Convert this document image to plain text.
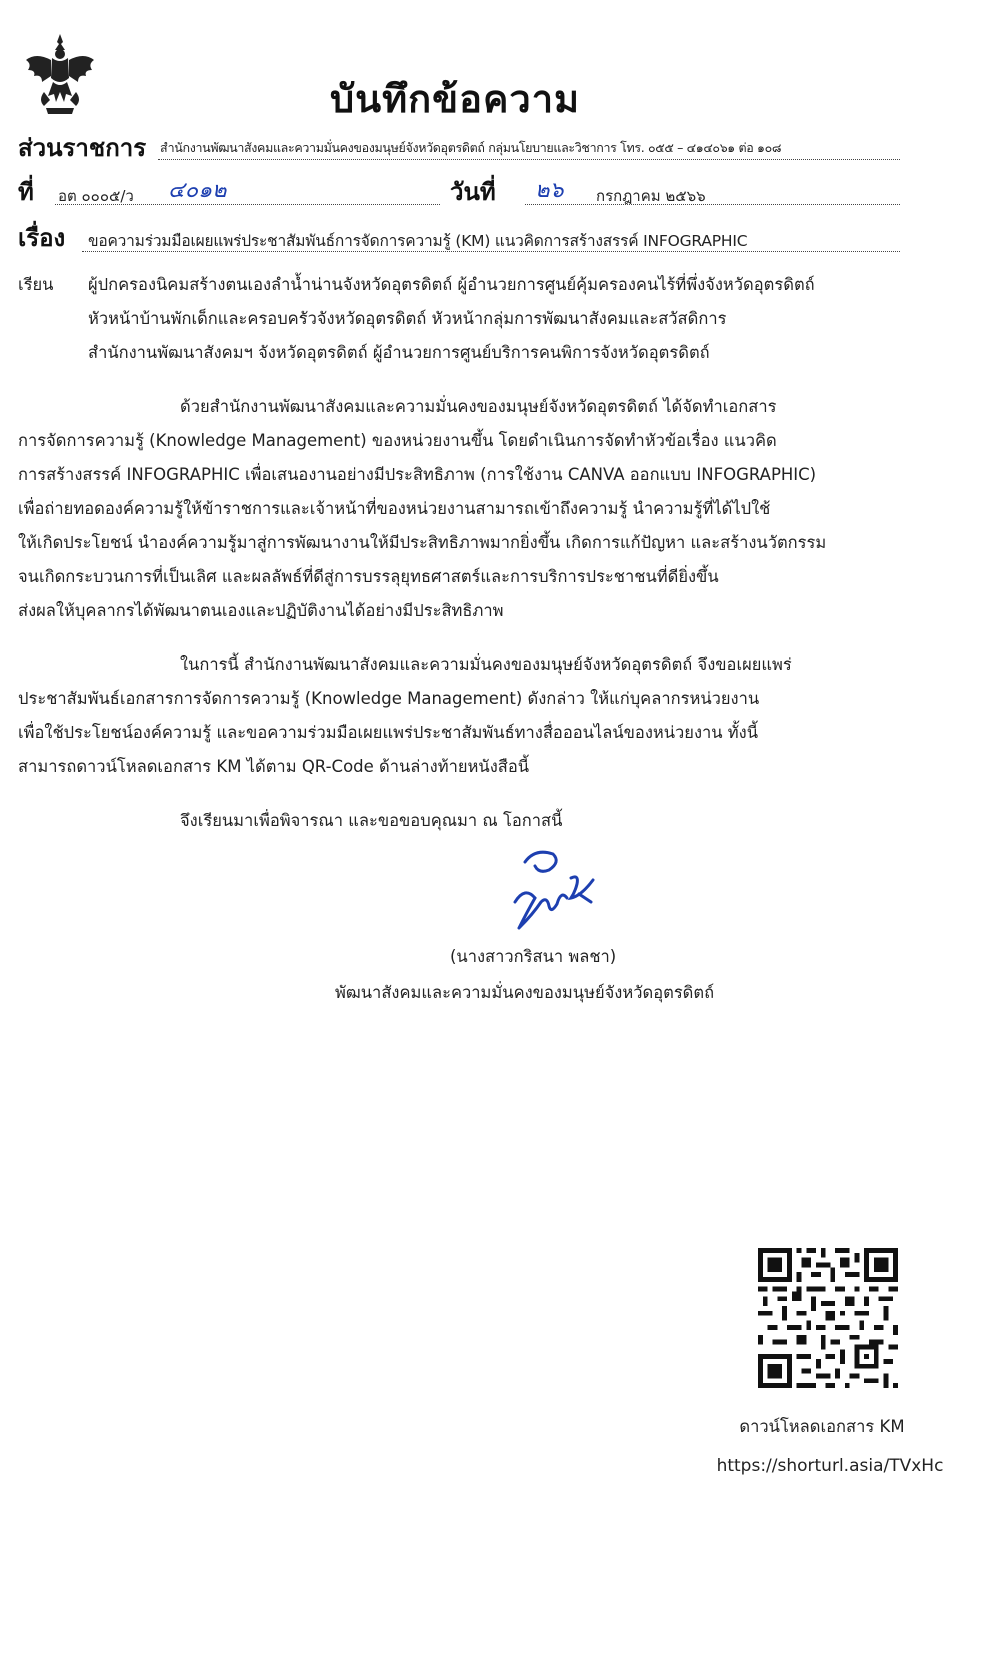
บันทึกข้อความ
ส่วนราชการ สำนักงานพัฒนาสังคมและความมั่นคงของมนุษย์จังหวัดอุตรดิตถ์ กลุ่มนโยบายและวิชาการ โทร. ๐๕๕ – ๔๑๔๐๖๑ ต่อ ๑๐๘
ที่ อต ๐๐๐๕/ว ๔๐๑๒	วันที่ ๒๖ กรกฎาคม ๒๕๖๖
เรื่อง ขอความร่วมมือเผยแพร่ประชาสัมพันธ์การจัดการความรู้ (KM) แนวคิดการสร้างสรรค์ INFOGRAPHIC
เรียน ผู้ปกครองนิคมสร้างตนเองลำน้ำน่านจังหวัดอุตรดิตถ์ ผู้อำนวยการศูนย์คุ้มครองคนไร้ที่พึ่งจังหวัดอุตรดิตถ์
หัวหน้าบ้านพักเด็กและครอบครัวจังหวัดอุตรดิตถ์ หัวหน้ากลุ่มการพัฒนาสังคมและสวัสดิการ
สำนักงานพัฒนาสังคมฯ จังหวัดอุตรดิตถ์ ผู้อำนวยการศูนย์บริการคนพิการจังหวัดอุตรดิตถ์
ด้วยสำนักงานพัฒนาสังคมและความมั่นคงของมนุษย์จังหวัดอุตรดิตถ์ ได้จัดทำเอกสาร
การจัดการความรู้ (Knowledge Management) ของหน่วยงานขึ้น โดยดำเนินการจัดทำหัวข้อเรื่อง แนวคิด
การสร้างสรรค์ INFOGRAPHIC เพื่อเสนองานอย่างมีประสิทธิภาพ (การใช้งาน CANVA ออกแบบ INFOGRAPHIC)
เพื่อถ่ายทอดองค์ความรู้ให้ข้าราชการและเจ้าหน้าที่ของหน่วยงานสามารถเข้าถึงความรู้ นำความรู้ที่ได้ไปใช้
ให้เกิดประโยชน์ นำองค์ความรู้มาสู่การพัฒนางานให้มีประสิทธิภาพมากยิ่งขึ้น เกิดการแก้ปัญหา และสร้างนวัตกรรม
จนเกิดกระบวนการที่เป็นเลิศ และผลลัพธ์ที่ดีสู่การบรรลุยุทธศาสตร์และการบริการประชาชนที่ดียิ่งขึ้น
ส่งผลให้บุคลากรได้พัฒนาตนเองและปฏิบัติงานได้อย่างมีประสิทธิภาพ
ในการนี้ สำนักงานพัฒนาสังคมและความมั่นคงของมนุษย์จังหวัดอุตรดิตถ์ จึงขอเผยแพร่
ประชาสัมพันธ์เอกสารการจัดการความรู้ (Knowledge Management) ดังกล่าว ให้แก่บุคลากรหน่วยงาน
เพื่อใช้ประโยชน์องค์ความรู้ และขอความร่วมมือเผยแพร่ประชาสัมพันธ์ทางสื่อออนไลน์ของหน่วยงาน ทั้งนี้
สามารถดาวน์โหลดเอกสาร KM ได้ตาม QR-Code ด้านล่างท้ายหนังสือนี้
จึงเรียนมาเพื่อพิจารณา และขอขอบคุณมา ณ โอกาสนี้
(นางสาวกริสนา พลชา)
พัฒนาสังคมและความมั่นคงของมนุษย์จังหวัดอุตรดิตถ์
ดาวน์โหลดเอกสาร KM
https://shorturl.asia/TVxHc
